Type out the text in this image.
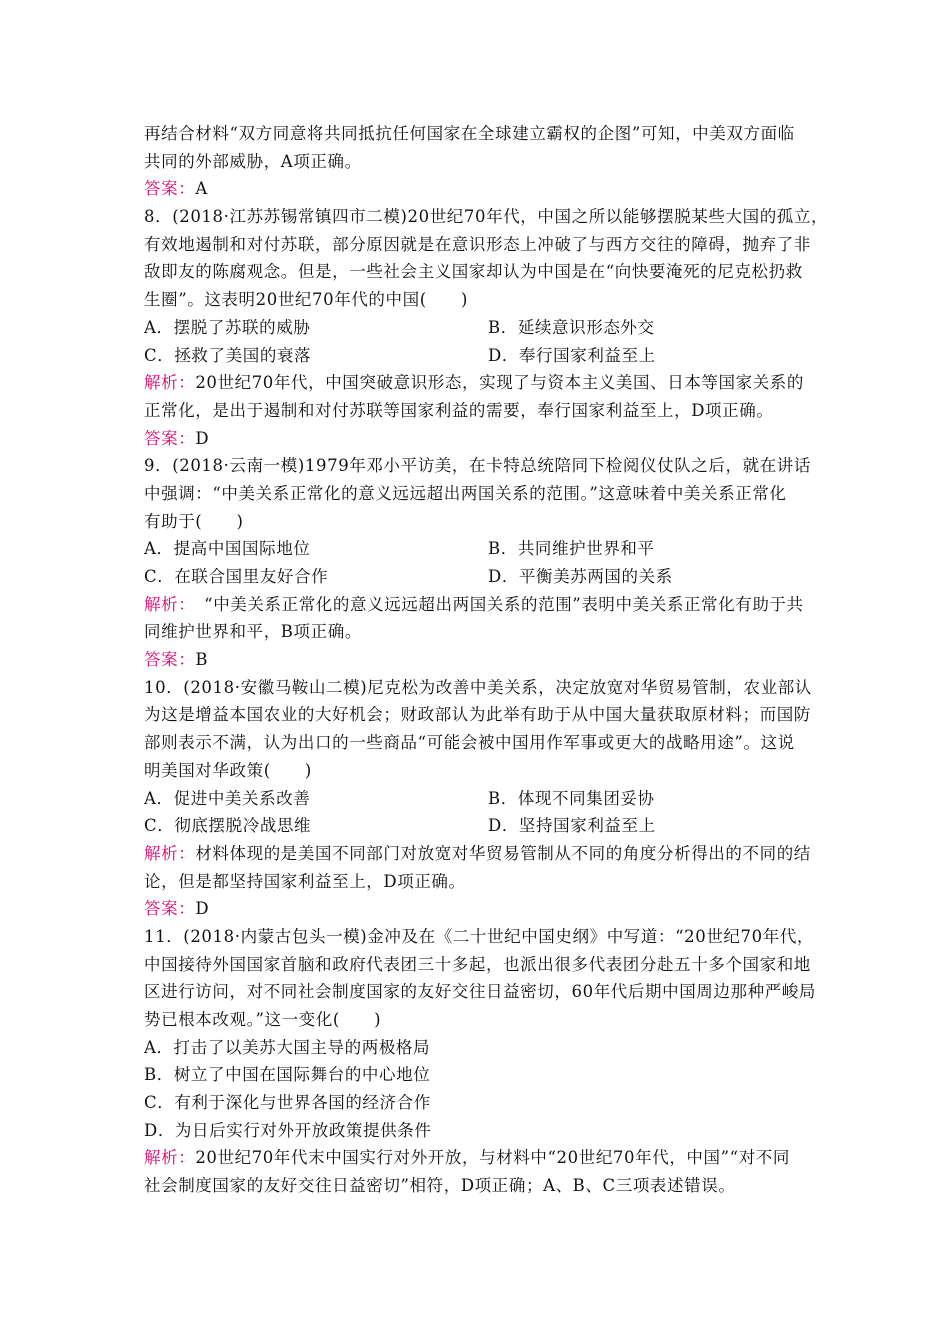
再结合材料“双方同意将共同抵抗任何国家在全球建立霸权的企图”可知，中美双方面临
共同的外部威胁，A项正确。
答案：A
8．(2018·江苏苏锡常镇四市二模)20世纪70年代，中国之所以能够摆脱某些大国的孤立，
有效地遏制和对付苏联，部分原因就是在意识形态上冲破了与西方交往的障碍，抛弃了非
敌即友的陈腐观念。但是，一些社会主义国家却认为中国是在“向快要淹死的尼克松扔救
生圈”。这表明20世纪70年代的中国(　　)
A．摆脱了苏联的威胁	B．延续意识形态外交
C．拯救了美国的衰落	D．奉行国家利益至上
解析：20世纪70年代，中国突破意识形态，实现了与资本主义美国、日本等国家关系的
正常化，是出于遏制和对付苏联等国家利益的需要，奉行国家利益至上，D项正确。
答案：D
9．(2018·云南一模)1979年邓小平访美，在卡特总统陪同下检阅仪仗队之后，就在讲话
中强调：“中美关系正常化的意义远远超出两国关系的范围。”这意味着中美关系正常化
有助于(　　)
A．提高中国国际地位	B．共同维护世界和平
C．在联合国里友好合作	D．平衡美苏两国的关系
解析：　“中美关系正常化的意义远远超出两国关系的范围”表明中美关系正常化有助于共
同维护世界和平，B项正确。
答案：B
10．(2018·安徽马鞍山二模)尼克松为改善中美关系，决定放宽对华贸易管制，农业部认
为这是增益本国农业的大好机会；财政部认为此举有助于从中国大量获取原材料；而国防
部则表示不满，认为出口的一些商品“可能会被中国用作军事或更大的战略用途”。这说
明美国对华政策(　　)
A．促进中美关系改善	B．体现不同集团妥协
C．彻底摆脱冷战思维	D．坚持国家利益至上
解析：材料体现的是美国不同部门对放宽对华贸易管制从不同的角度分析得出的不同的结
论，但是都坚持国家利益至上，D项正确。
答案：D
11．(2018·内蒙古包头一模)金冲及在《二十世纪中国史纲》中写道：“20世纪70年代，
中国接待外国国家首脑和政府代表团三十多起，也派出很多代表团分赴五十多个国家和地
区进行访问，对不同社会制度国家的友好交往日益密切，60年代后期中国周边那种严峻局
势已根本改观。”这一变化(　　)
A．打击了以美苏大国主导的两极格局
B．树立了中国在国际舞台的中心地位
C．有利于深化与世界各国的经济合作
D．为日后实行对外开放政策提供条件
解析：20世纪70年代末中国实行对外开放，与材料中“20世纪70年代，中国”“对不同
社会制度国家的友好交往日益密切”相符，D项正确；A、B、C三项表述错误。
